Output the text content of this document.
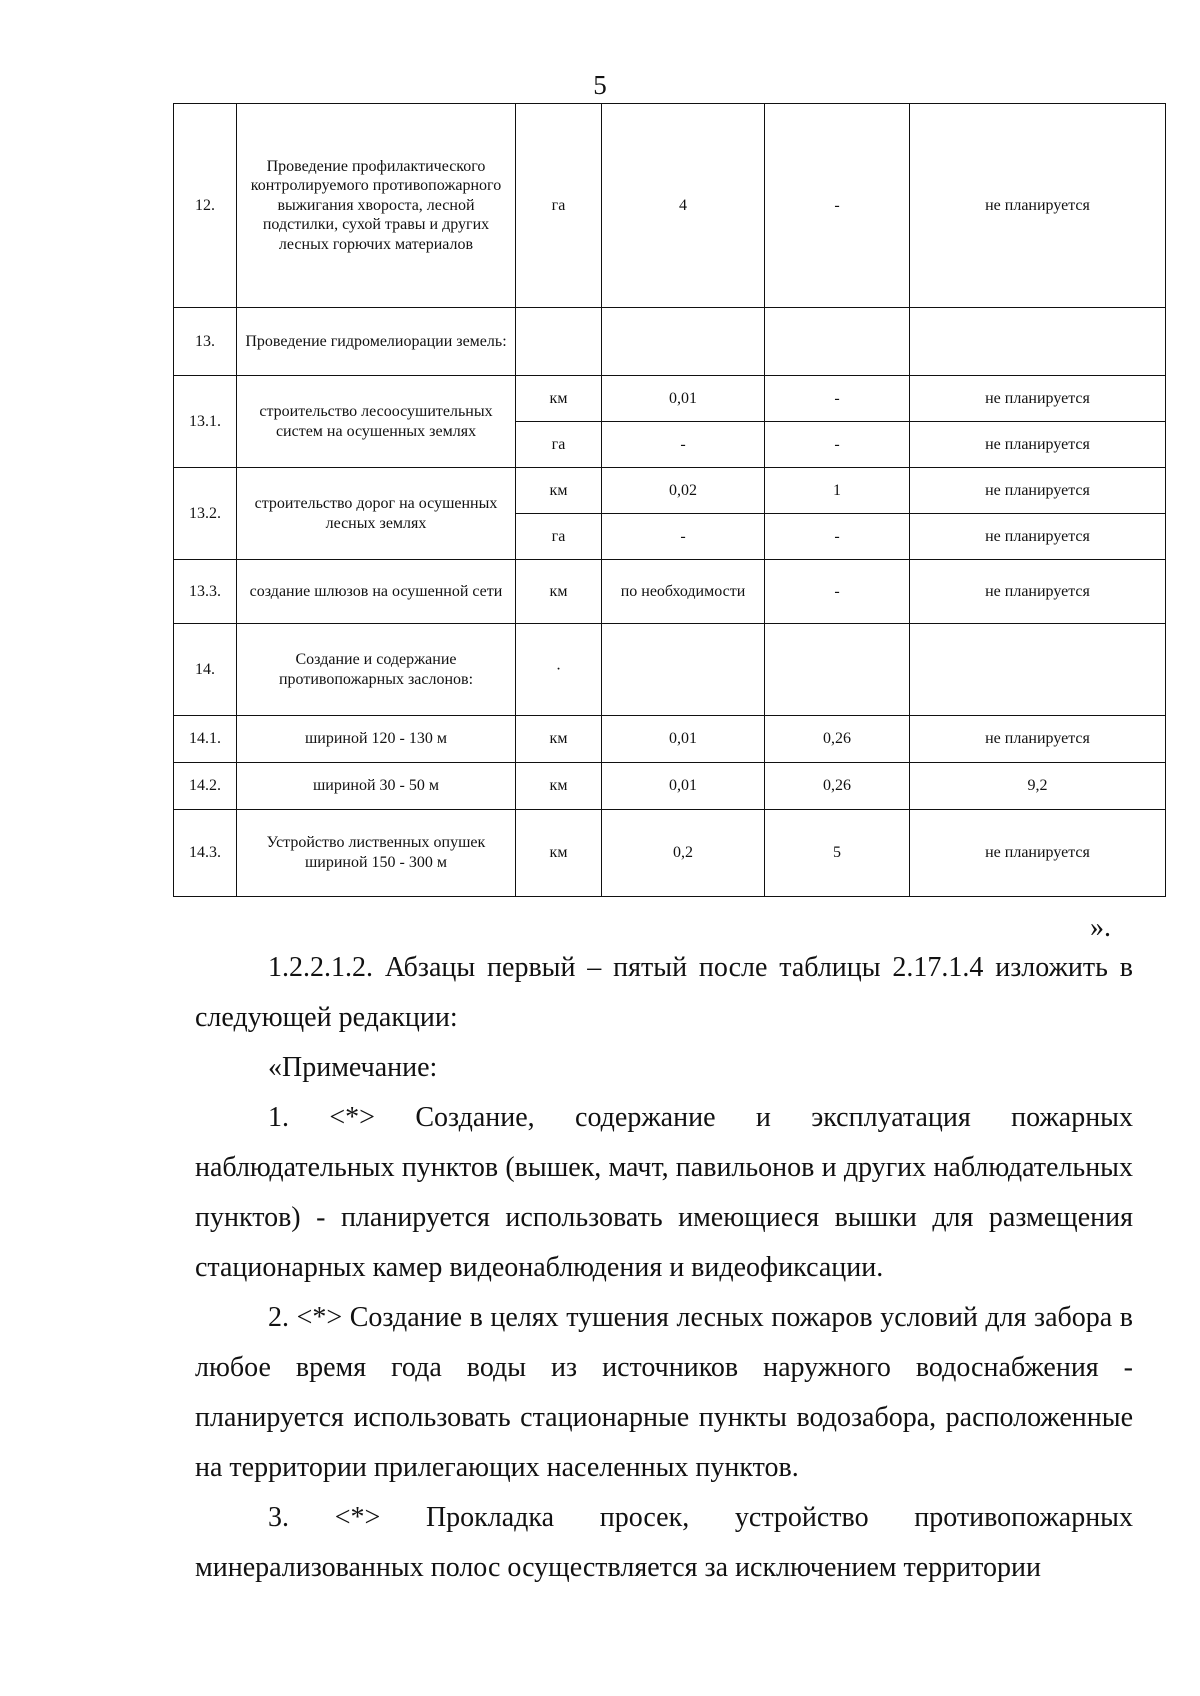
5
12.	Проведение профилактического контролируемого противопожарного выжигания хвороста, лесной подстилки, сухой травы и других лесных горючих материалов	га	4	-	не планируется
13.	Проведение гидромелиорации земель:				
13.1.	строительство лесоосушительных систем на осушенных землях	км	0,01	-	не планируется
		га	-	-	не планируется
13.2.	строительство дорог на осушенных лесных землях	км	0,02	1	не планируется
		га	-	-	не планируется
13.3.	создание шлюзов на осушенной сети	км	по необходимости	-	не планируется
14.	Создание и содержание противопожарных заслонов:	·			
14.1.	шириной 120 - 130 м	км	0,01	0,26	не планируется
14.2.	шириной 30 - 50 м	км	0,01	0,26	9,2
14.3.	Устройство лиственных опушек шириной 150 - 300 м	км	0,2	5	не планируется
».

1.2.2.1.2. Абзацы первый – пятый после таблицы 2.17.1.4 изложить в следующей редакции:

«Примечание:

1. <*> Создание, содержание и эксплуатация пожарных наблюдательных пунктов (вышек, мачт, павильонов и других наблюдательных пунктов) - планируется использовать имеющиеся вышки для размещения стационарных камер видеонаблюдения и видеофиксации.

2. <*> Создание в целях тушения лесных пожаров условий для забора в любое время года воды из источников наружного водоснабжения - планируется использовать стационарные пункты водозабора, расположенные на территории прилегающих населенных пунктов.

3. <*> Прокладка просек, устройство противопожарных минерализованных полос осуществляется за исключением территории
